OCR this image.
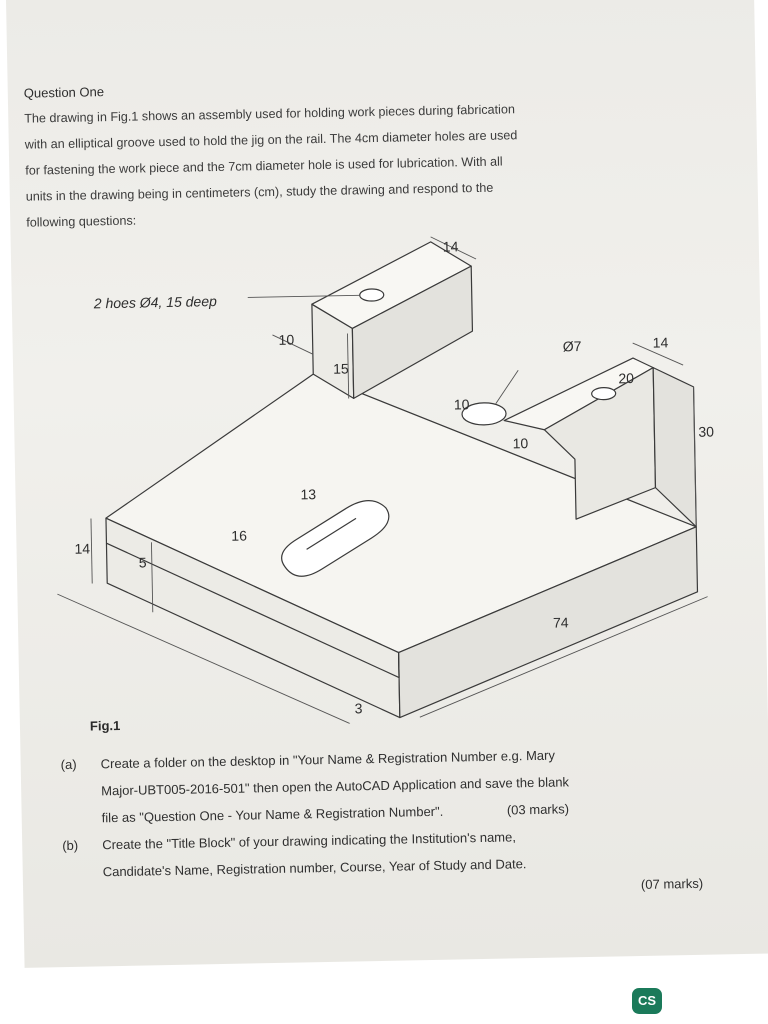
Question One
The drawing in Fig.1 shows an assembly used for holding work pieces during fabrication
with an elliptical groove used to hold the jig on the rail. The 4cm diameter holes are used
for fastening the work piece and the 7cm diameter hole is used for lubrication. With all
units in the drawing being in centimeters (cm), study the drawing and respond to the
following questions:
2 hoes Ø4, 15 deep
14
10
15
Ø7	14
10
20
30
10
13
16
14
5
74
3
Fig.1
(a) Create a folder on the desktop in "Your Name & Registration Number e.g. Mary
Major-UBT005-2016-501" then open the AutoCAD Application and save the blank
file as "Question One - Your Name & Registration Number".	(03 marks)
(b) Create the "Title Block" of your drawing indicating the Institution's name,
Candidate's Name, Registration number, Course, Year of Study and Date.
(07 marks)
CS
